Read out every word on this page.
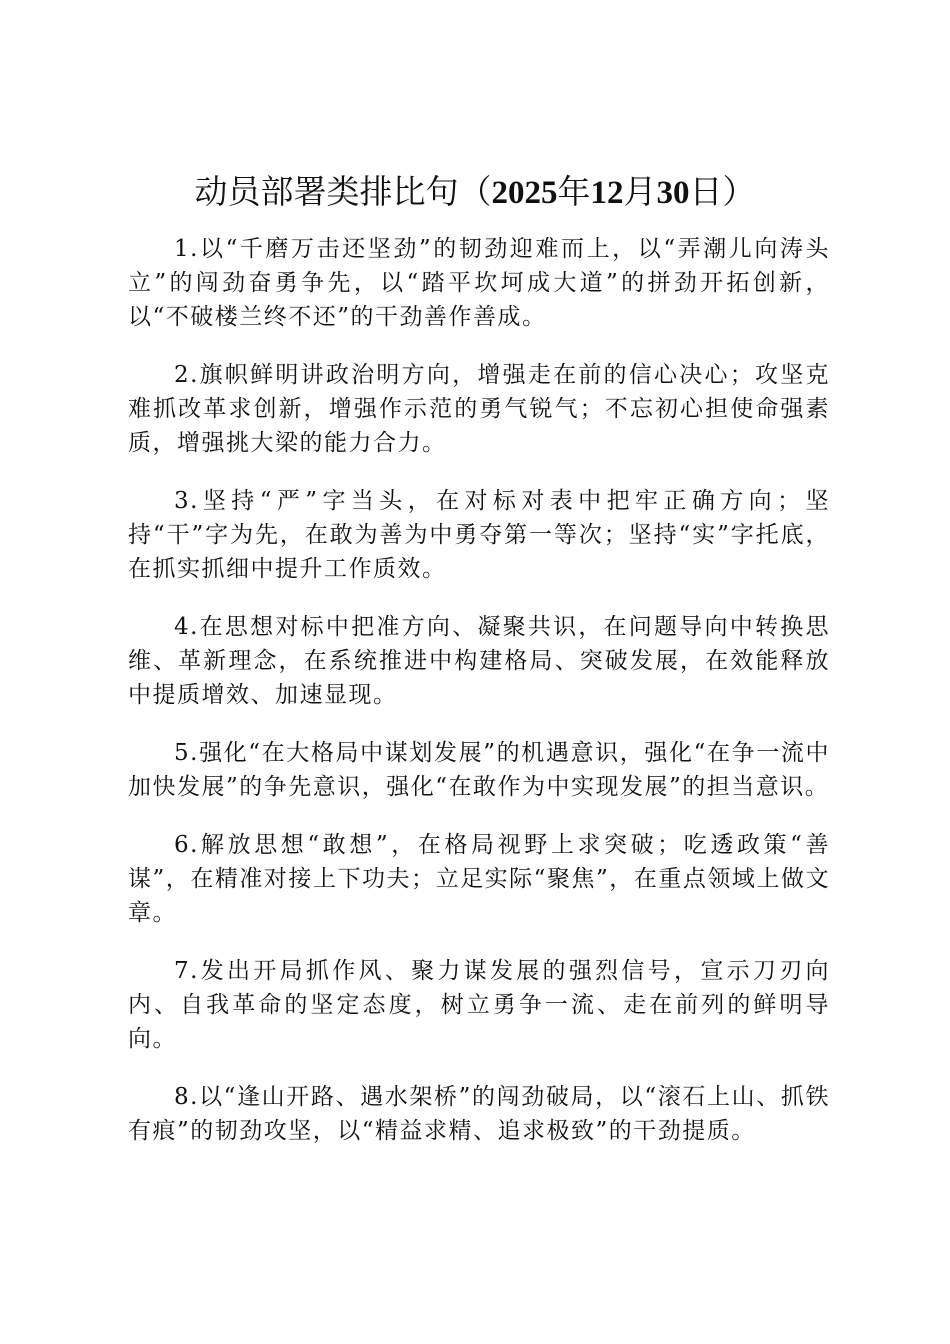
动员部署类排比句（2025年12月30日）

1.以“千磨万击还坚劲”的韧劲迎难而上，以“弄潮儿向涛头立”的闯劲奋勇争先，以“踏平坎坷成大道”的拼劲开拓创新，以“不破楼兰终不还”的干劲善作善成。

2.旗帜鲜明讲政治明方向，增强走在前的信心决心；攻坚克难抓改革求创新，增强作示范的勇气锐气；不忘初心担使命强素质，增强挑大梁的能力合力。

3.坚持“严”字当头，在对标对表中把牢正确方向；坚持“干”字为先，在敢为善为中勇夺第一等次；坚持“实”字托底，在抓实抓细中提升工作质效。

4.在思想对标中把准方向、凝聚共识，在问题导向中转换思维、革新理念，在系统推进中构建格局、突破发展，在效能释放中提质增效、加速显现。

5.强化“在大格局中谋划发展”的机遇意识，强化“在争一流中加快发展”的争先意识，强化“在敢作为中实现发展”的担当意识。

6.解放思想“敢想”，在格局视野上求突破；吃透政策“善谋”，在精准对接上下功夫；立足实际“聚焦”，在重点领域上做文章。

7.发出开局抓作风、聚力谋发展的强烈信号，宣示刀刃向内、自我革命的坚定态度，树立勇争一流、走在前列的鲜明导向。

8.以“逢山开路、遇水架桥”的闯劲破局，以“滚石上山、抓铁有痕”的韧劲攻坚，以“精益求精、追求极致”的干劲提质。
